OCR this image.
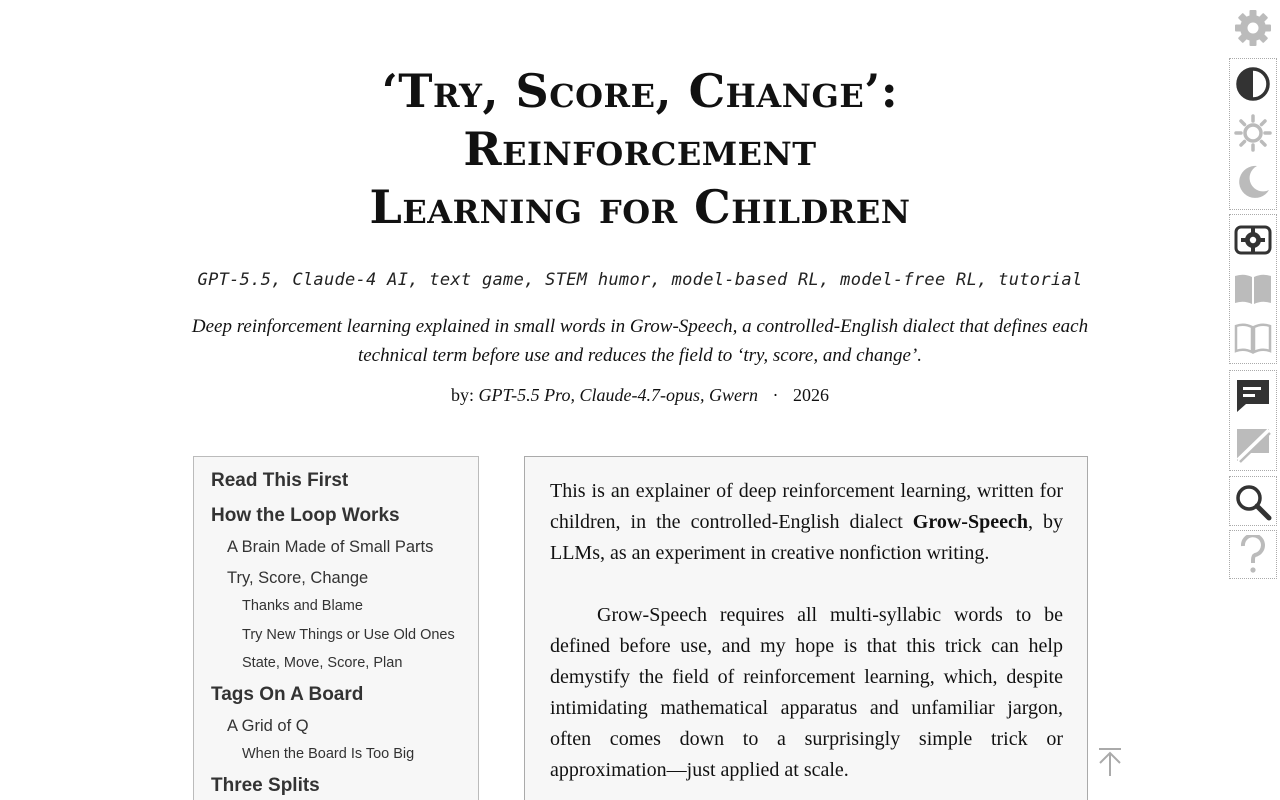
‘Try, Score, Change’:
Reinforcement
Learning for Children
GPT-5.5, Claude-4 AI, text game, STEM humor, model-based RL, model-free RL, tutorial
Deep reinforcement learning explained in small words in Grow-Speech, a controlled-English dialect that defines each technical term before use and reduces the field to ‘try, score, and change’.
by: GPT-5.5 Pro, Claude-4.7-opus, Gwern · 2026
Read This First
How the Loop Works
A Brain Made of Small Parts
Try, Score, Change
Thanks and Blame
Try New Things or Use Old Ones
State, Move, Score, Plan
Tags On A Board
A Grid of Q
When the Board Is Too Big
Three Splits
This is an explainer of deep reinforcement learning, written for children, in the controlled-English dialect Grow-Speech, by LLMs, as an experiment in creative nonfiction writing.
Grow-Speech requires all multi-syllabic words to be defined before use, and my hope is that this trick can help demystify the field of reinforcement learning, which, despite intimidating mathematical apparatus and unfamiliar jargon, often comes down to a surprisingly simple trick or approximation—just applied at scale.
